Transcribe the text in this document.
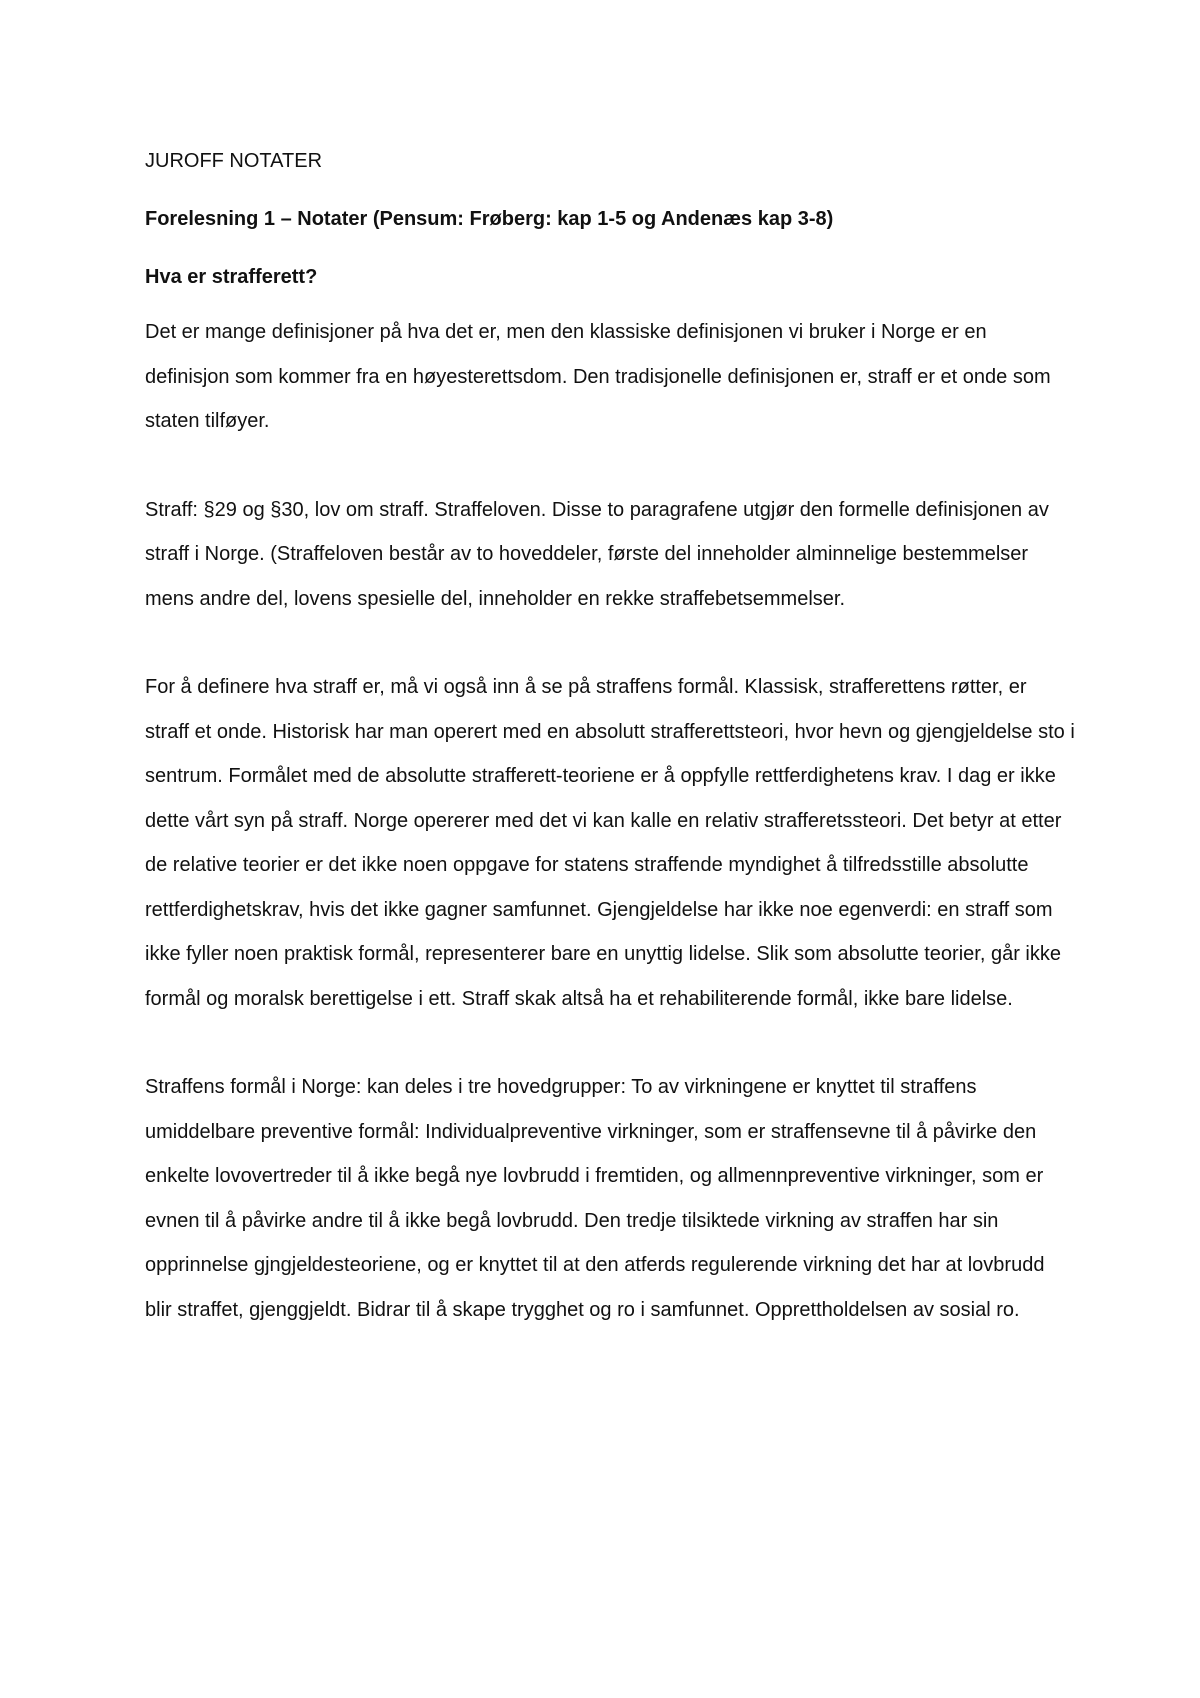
JUROFF NOTATER

Forelesning 1 – Notater (Pensum: Frøberg: kap 1-5 og Andenæs kap 3-8)

Hva er strafferett?

Det er mange definisjoner på hva det er, men den klassiske definisjonen vi bruker i Norge er en definisjon som kommer fra en høyesterettsdom. Den tradisjonelle definisjonen er, straff er et onde som staten tilføyer.

Straff: §29 og §30, lov om straff. Straffeloven. Disse to paragrafene utgjør den formelle definisjonen av straff i Norge. (Straffeloven består av to hoveddeler, første del inneholder alminnelige bestemmelser mens andre del, lovens spesielle del, inneholder en rekke straffebetsemmelser.

For å definere hva straff er, må vi også inn å se på straffens formål. Klassisk, strafferettens røtter, er straff et onde. Historisk har man operert med en absolutt strafferettsteori, hvor hevn og gjengjeldelse sto i sentrum. Formålet med de absolutte strafferett-teoriene er å oppfylle rettferdighetens krav. I dag er ikke dette vårt syn på straff. Norge opererer med det vi kan kalle en relativ strafferetssteori. Det betyr at etter de relative teorier er det ikke noen oppgave for statens straffende myndighet å tilfredsstille absolutte rettferdighetskrav, hvis det ikke gagner samfunnet. Gjengjeldelse har ikke noe egenverdi: en straff som ikke fyller noen praktisk formål, representerer bare en unyttig lidelse. Slik som absolutte teorier, går ikke formål og moralsk berettigelse i ett. Straff skak altså ha et rehabiliterende formål, ikke bare lidelse.

Straffens formål i Norge: kan deles i tre hovedgrupper: To av virkningene er knyttet til straffens umiddelbare preventive formål: Individualpreventive virkninger, som er straffensevne til å påvirke den enkelte lovovertreder til å ikke begå nye lovbrudd i fremtiden, og allmennpreventive virkninger, som er evnen til å påvirke andre til å ikke begå lovbrudd. Den tredje tilsiktede virkning av straffen har sin opprinnelse gjngjeldesteoriene, og er knyttet til at den atferds regulerende virkning det har at lovbrudd blir straffet, gjenggjeldt. Bidrar til å skape trygghet og ro i samfunnet. Opprettholdelsen av sosial ro.
